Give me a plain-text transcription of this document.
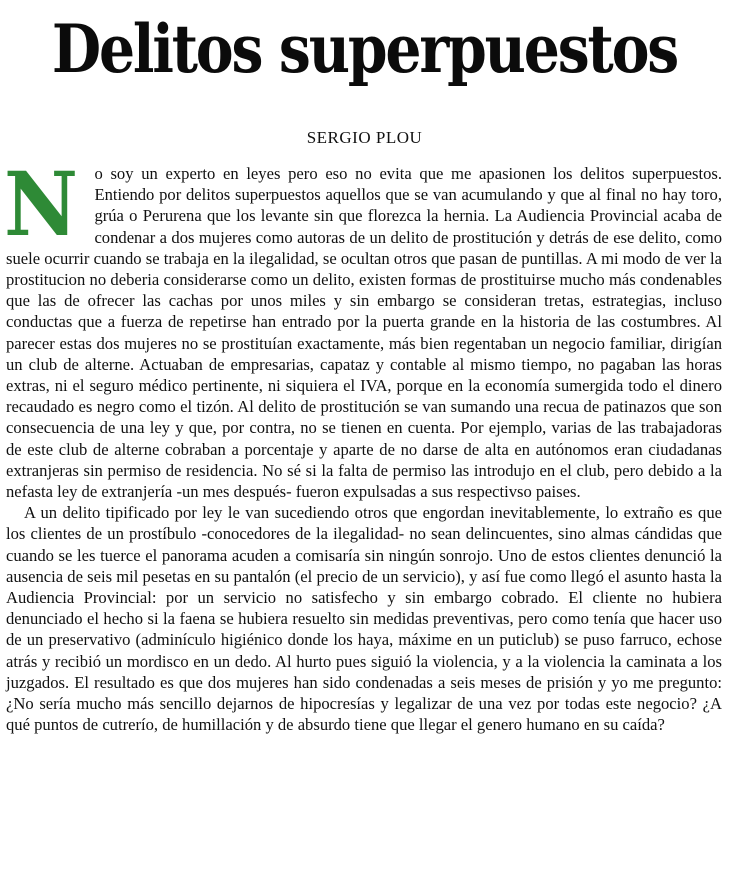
Delitos superpuestos
SERGIO PLOU

No soy un experto en leyes pero eso no evita que me apasionen los delitos superpuestos. Entiendo por delitos superpuestos aquellos que se van acumulando y que al final no hay toro, grúa o Perurena que los levante sin que florezca la hernia. La Audiencia Provincial acaba de condenar a dos mujeres como autoras de un delito de prostitución y detrás de ese delito, como suele ocurrir cuando se trabaja en la ilegalidad, se ocultan otros que pasan de puntillas. A mi modo de ver la prostitucion no deberia considerarse como un delito, existen formas de prostituirse mucho más condenables que las de ofrecer las cachas por unos miles y sin embargo se consideran tretas, estrategias, incluso conductas que a fuerza de repetirse han entrado por la puerta grande en la historia de las costumbres. Al parecer estas dos mujeres no se prostituían exactamente, más bien regentaban un negocio familiar, dirigían un club de alterne. Actuaban de empresarias, capataz y contable al mismo tiempo, no pagaban las horas extras, ni el seguro médico pertinente, ni siquiera el IVA, porque en la economía sumergida todo el dinero recaudado es negro como el tizón. Al delito de prostitución se van sumando una recua de patinazos que son consecuencia de una ley y que, por contra, no se tienen en cuenta. Por ejemplo, varias de las trabajadoras de este club de alterne cobraban a porcentaje y aparte de no darse de alta en autónomos eran ciudadanas extranjeras sin permiso de residencia. No sé si la falta de permiso las introdujo en el club, pero debido a la nefasta ley de extranjería -un mes después- fueron expulsadas a sus respectivso paises.

A un delito tipificado por ley le van sucediendo otros que engordan inevitablemente, lo extraño es que los clientes de un prostíbulo -conocedores de la ilegalidad- no sean delincuentes, sino almas cándidas que cuando se les tuerce el panorama acuden a comisaría sin ningún sonrojo. Uno de estos clientes denunció la ausencia de seis mil pesetas en su pantalón (el precio de un servicio), y así fue como llegó el asunto hasta la Audiencia Provincial: por un servicio no satisfecho y sin embargo cobrado. El cliente no hubiera denunciado el hecho si la faena se hubiera resuelto sin medidas preventivas, pero como tenía que hacer uso de un preservativo (adminículo higiénico donde los haya, máxime en un puticlub) se puso farruco, echose atrás y recibió un mordisco en un dedo. Al hurto pues siguió la violencia, y a la violencia la caminata a los juzgados. El resultado es que dos mujeres han sido condenadas a seis meses de prisión y yo me pregunto: ¿No sería mucho más sencillo dejarnos de hipocresías y legalizar de una vez por todas este negocio? ¿A qué puntos de cutrerío, de humillación y de absurdo tiene que llegar el genero humano en su caída?
